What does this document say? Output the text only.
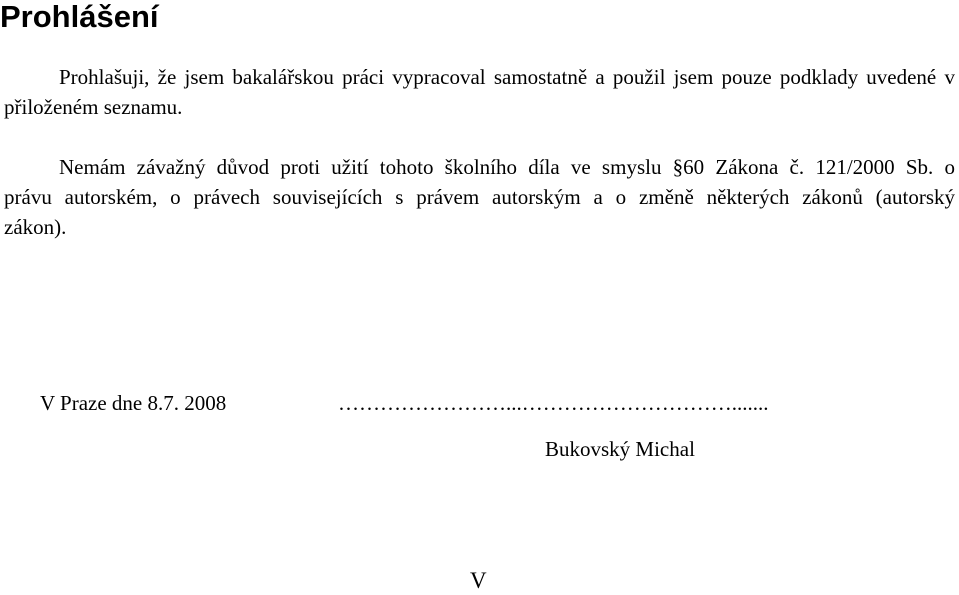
Prohlášení

Prohlašuji, že jsem bakalářskou práci vypracoval samostatně a použil jsem pouze podklady uvedené v přiloženém seznamu.

Nemám závažný důvod proti užití tohoto školního díla ve smyslu §60 Zákona č. 121/2000 Sb. o právu autorském, o právech souvisejících s právem autorským a o změně některých zákonů (autorský zákon).

V Praze dne 8.7. 2008	……………………...………………………….......
Bukovský Michal
V
